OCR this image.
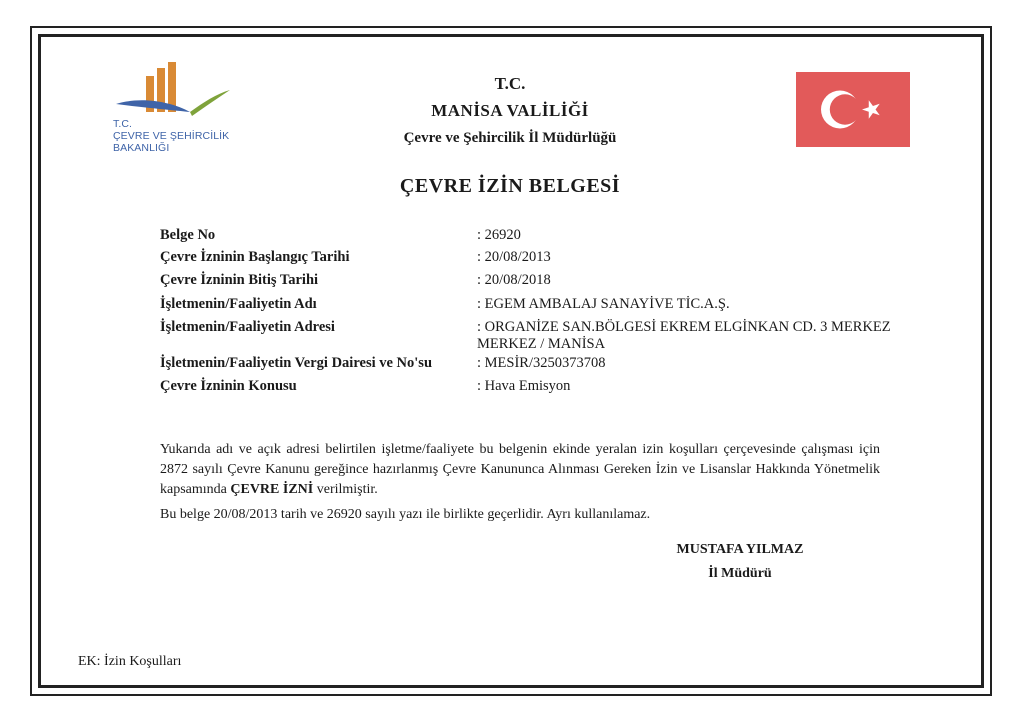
T.C.
ÇEVRE VE ŞEHİRCİLİK
BAKANLIĞI
T.C.
MANİSA VALİLİĞİ
Çevre ve Şehircilik İl Müdürlüğü
ÇEVRE İZİN BELGESİ
Belge No	: 26920
Çevre İzninin Başlangıç Tarihi	: 20/08/2013
Çevre İzninin Bitiş Tarihi	: 20/08/2018
İşletmenin/Faaliyetin Adı	: EGEM AMBALAJ SANAYİVE TİC.A.Ş.
İşletmenin/Faaliyetin Adresi	: ORGANİZE SAN.BÖLGESİ EKREM ELGİNKAN CD. 3 MERKEZ MERKEZ / MANİSA
İşletmenin/Faaliyetin Vergi Dairesi ve No'su	: MESİR/3250373708
Çevre İzninin Konusu	: Hava Emisyon
Yukarıda adı ve açık adresi belirtilen işletme/faaliyete bu belgenin ekinde yeralan izin koşulları çerçevesinde çalışması için 2872 sayılı Çevre Kanunu gereğince hazırlanmış Çevre Kanununca Alınması Gereken İzin ve Lisanslar Hakkında Yönetmelik kapsamında ÇEVRE İZNİ verilmiştir.
Bu belge 20/08/2013 tarih ve 26920 sayılı yazı ile birlikte geçerlidir. Ayrı kullanılamaz.
MUSTAFA YILMAZ
İl Müdürü
EK: İzin Koşulları
